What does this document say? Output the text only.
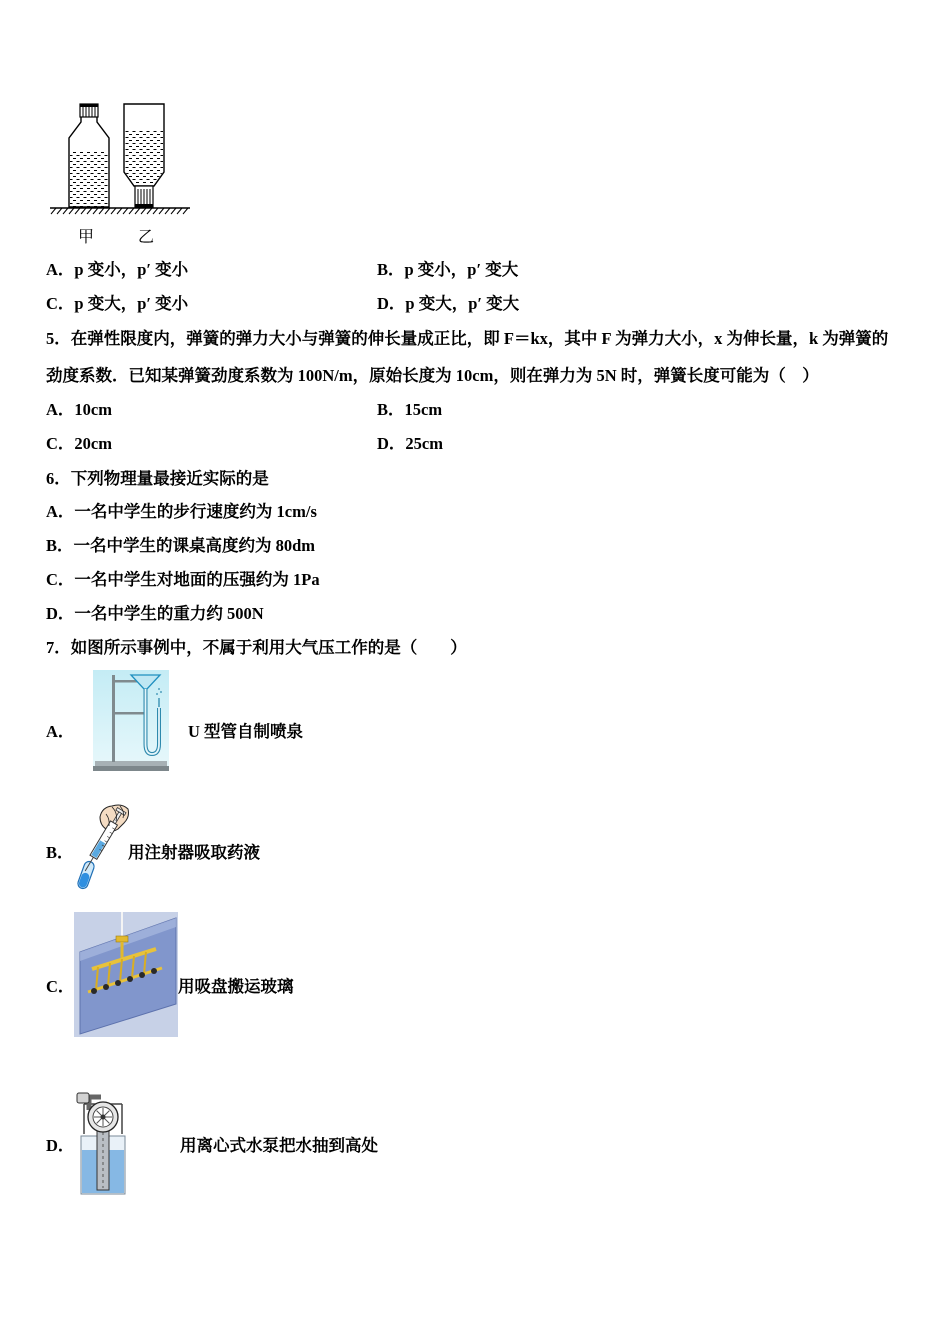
甲	乙
A．p 变小，p′ 变小	B．p 变小，p′ 变大
C．p 变大，p′ 变小	D．p 变大，p′ 变大
5．在弹性限度内，弹簧的弹力大小与弹簧的伸长量成正比，即 F＝kx，其中 F 为弹力大小，x 为伸长量，k 为弹簧的劲度系数．已知某弹簧劲度系数为 100N/m，原始长度为 10cm，则在弹力为 5N 时，弹簧长度可能为（　）
A．10cm	B．15cm
C．20cm	D．25cm
6．下列物理量最接近实际的是
A．一名中学生的步行速度约为 1cm/s
B．一名中学生的课桌高度约为 80dm
C．一名中学生对地面的压强约为 1Pa
D．一名中学生的重力约 500N
7．如图所示事例中，不属于利用大气压工作的是（　　）
A．	U 型管自制喷泉
B．	用注射器吸取药液
C．	用吸盘搬运玻璃
D．	用离心式水泵把水抽到高处
